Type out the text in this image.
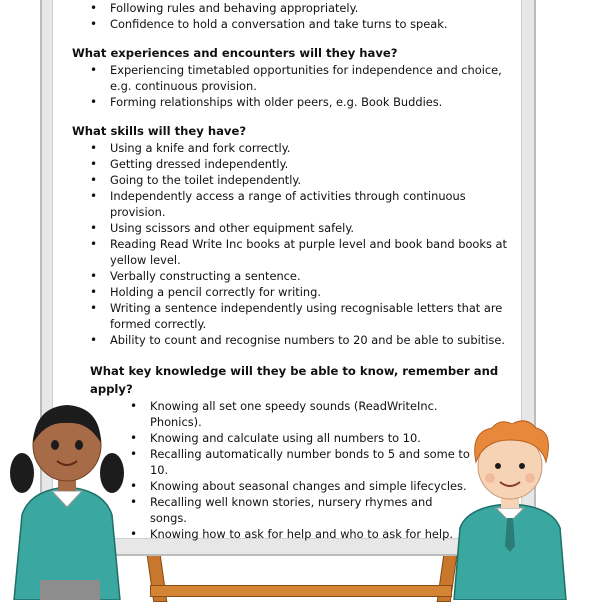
• Following rules and behaving appropriately.
• Confidence to hold a conversation and take turns to speak.
What experiences and encounters will they have?
• Experiencing timetabled opportunities for independence and choice, e.g. continuous provision.
• Forming relationships with older peers, e.g. Book Buddies.
What skills will they have?
• Using a knife and fork correctly.
• Getting dressed independently.
• Going to the toilet independently.
• Independently access a range of activities through continuous provision.
• Using scissors and other equipment safely.
• Reading Read Write Inc books at purple level and book band books at yellow level.
• Verbally constructing a sentence.
• Holding a pencil correctly for writing.
• Writing a sentence independently using recognisable letters that are formed correctly.
• Ability to count and recognise numbers to 20 and be able to subitise.
What key knowledge will they be able to know, remember and apply?
• Knowing all set one speedy sounds (ReadWriteInc. Phonics).
• Knowing and calculate using all numbers to 10.
• Recalling automatically number bonds to 5 and some to 10.
• Knowing about seasonal changes and simple lifecycles.
• Recalling well known stories, nursery rhymes and songs.
• Knowing how to ask for help and who to ask for help.
